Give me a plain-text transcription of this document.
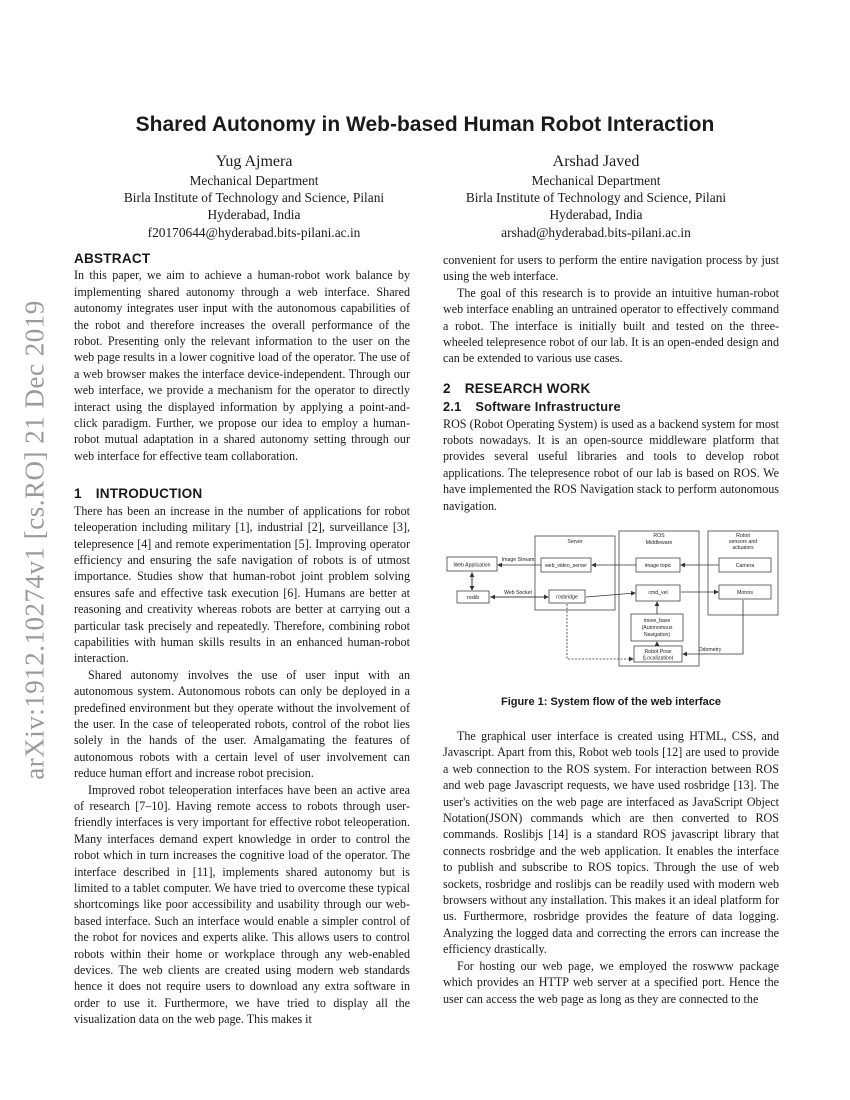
arXiv:1912.10274v1 [cs.RO] 21 Dec 2019
Shared Autonomy in Web-based Human Robot Interaction
Yug Ajmera
Mechanical Department
Birla Institute of Technology and Science, Pilani
Hyderabad, India
f20170644@hyderabad.bits-pilani.ac.in
Arshad Javed
Mechanical Department
Birla Institute of Technology and Science, Pilani
Hyderabad, India
arshad@hyderabad.bits-pilani.ac.in
ABSTRACT

In this paper, we aim to achieve a human-robot work balance by implementing shared autonomy through a web interface. Shared autonomy integrates user input with the autonomous capabilities of the robot and therefore increases the overall performance of the robot. Presenting only the relevant information to the user on the web page results in a lower cognitive load of the operator. The use of a web browser makes the interface device-independent. Through our web interface, we provide a mechanism for the operator to directly interact using the displayed information by applying a point-and-click paradigm. Further, we propose our idea to employ a human-robot mutual adaptation in a shared autonomy setting through our web interface for effective team collaboration.

1 INTRODUCTION

There has been an increase in the number of applications for robot teleoperation including military [1], industrial [2], surveillance [3], telepresence [4] and remote experimentation [5]. Improving operator efficiency and ensuring the safe navigation of robots is of utmost importance. Studies show that human-robot joint problem solving ensures safe and effective task execution [6]. Humans are better at reasoning and creativity whereas robots are better at carrying out a particular task precisely and repeatedly. Therefore, combining robot capabilities with human skills results in an enhanced human-robot interaction.

Shared autonomy involves the use of user input with an autonomous system. Autonomous robots can only be deployed in a predefined environment but they operate without the involvement of the user. In the case of teleoperated robots, control of the robot lies solely in the hands of the user. Amalgamating the features of autonomous robots with a certain level of user involvement can reduce human effort and increase robot precision.

Improved robot teleoperation interfaces have been an active area of research [7–10]. Having remote access to robots through user-friendly interfaces is very important for effective robot teleoperation. Many interfaces demand expert knowledge in order to control the robot which in turn increases the cognitive load of the operator. The interface described in [11], implements shared autonomy but is limited to a tablet computer. We have tried to overcome these typical shortcomings like poor accessibility and usability through our web-based interface. Such an interface would enable a simpler control of the robot for novices and experts alike. This allows users to control robots within their home or workplace through any web-enabled devices. The web clients are created using modern web standards hence it does not require users to download any extra software in order to use it. Furthermore, we have tried to display all the visualization data on the web page. This makes it

convenient for users to perform the entire navigation process by just using the web interface.

The goal of this research is to provide an intuitive human-robot web interface enabling an untrained operator to effectively command a robot. The interface is initially built and tested on the three-wheeled telepresence robot of our lab. It is an open-ended design and can be extended to various use cases.

2 RESEARCH WORK
2.1 Software Infrastructure

ROS (Robot Operating System) is used as a backend system for most robots nowadays. It is an open-source middleware platform that provides several useful libraries and tools to develop robot applications. The telepresence robot of our lab is based on ROS. We have implemented the ROS Navigation stack to perform autonomous navigation.

Server
ROS
Middleware
Robot
sensors and
actuators
Web Application
roslib
Image Stream
Web Socket
web_video_server
rosbridge
image topic
cmd_vel
move_base
(Autonomous
Navigation)
Robot Pose
(Localization)
Odometry
Camera
Motors
Figure 1: System flow of the web interface

The graphical user interface is created using HTML, CSS, and Javascript. Apart from this, Robot web tools [12] are used to provide a web connection to the ROS system. For interaction between ROS and web page Javascript requests, we have used rosbridge [13]. The user's activities on the web page are interfaced as JavaScript Object Notation(JSON) commands which are then converted to ROS commands. Roslibjs [14] is a standard ROS javascript library that connects rosbridge and the web application. It enables the interface to publish and subscribe to ROS topics. Through the use of web sockets, rosbridge and roslibjs can be readily used with modern web browsers without any installation. This makes it an ideal platform for us. Furthermore, rosbridge provides the feature of data logging. Analyzing the logged data and correcting the errors can increase the efficiency drastically.

For hosting our web page, we employed the roswww package which provides an HTTP web server at a specified port. Hence the user can access the web page as long as they are connected to the
